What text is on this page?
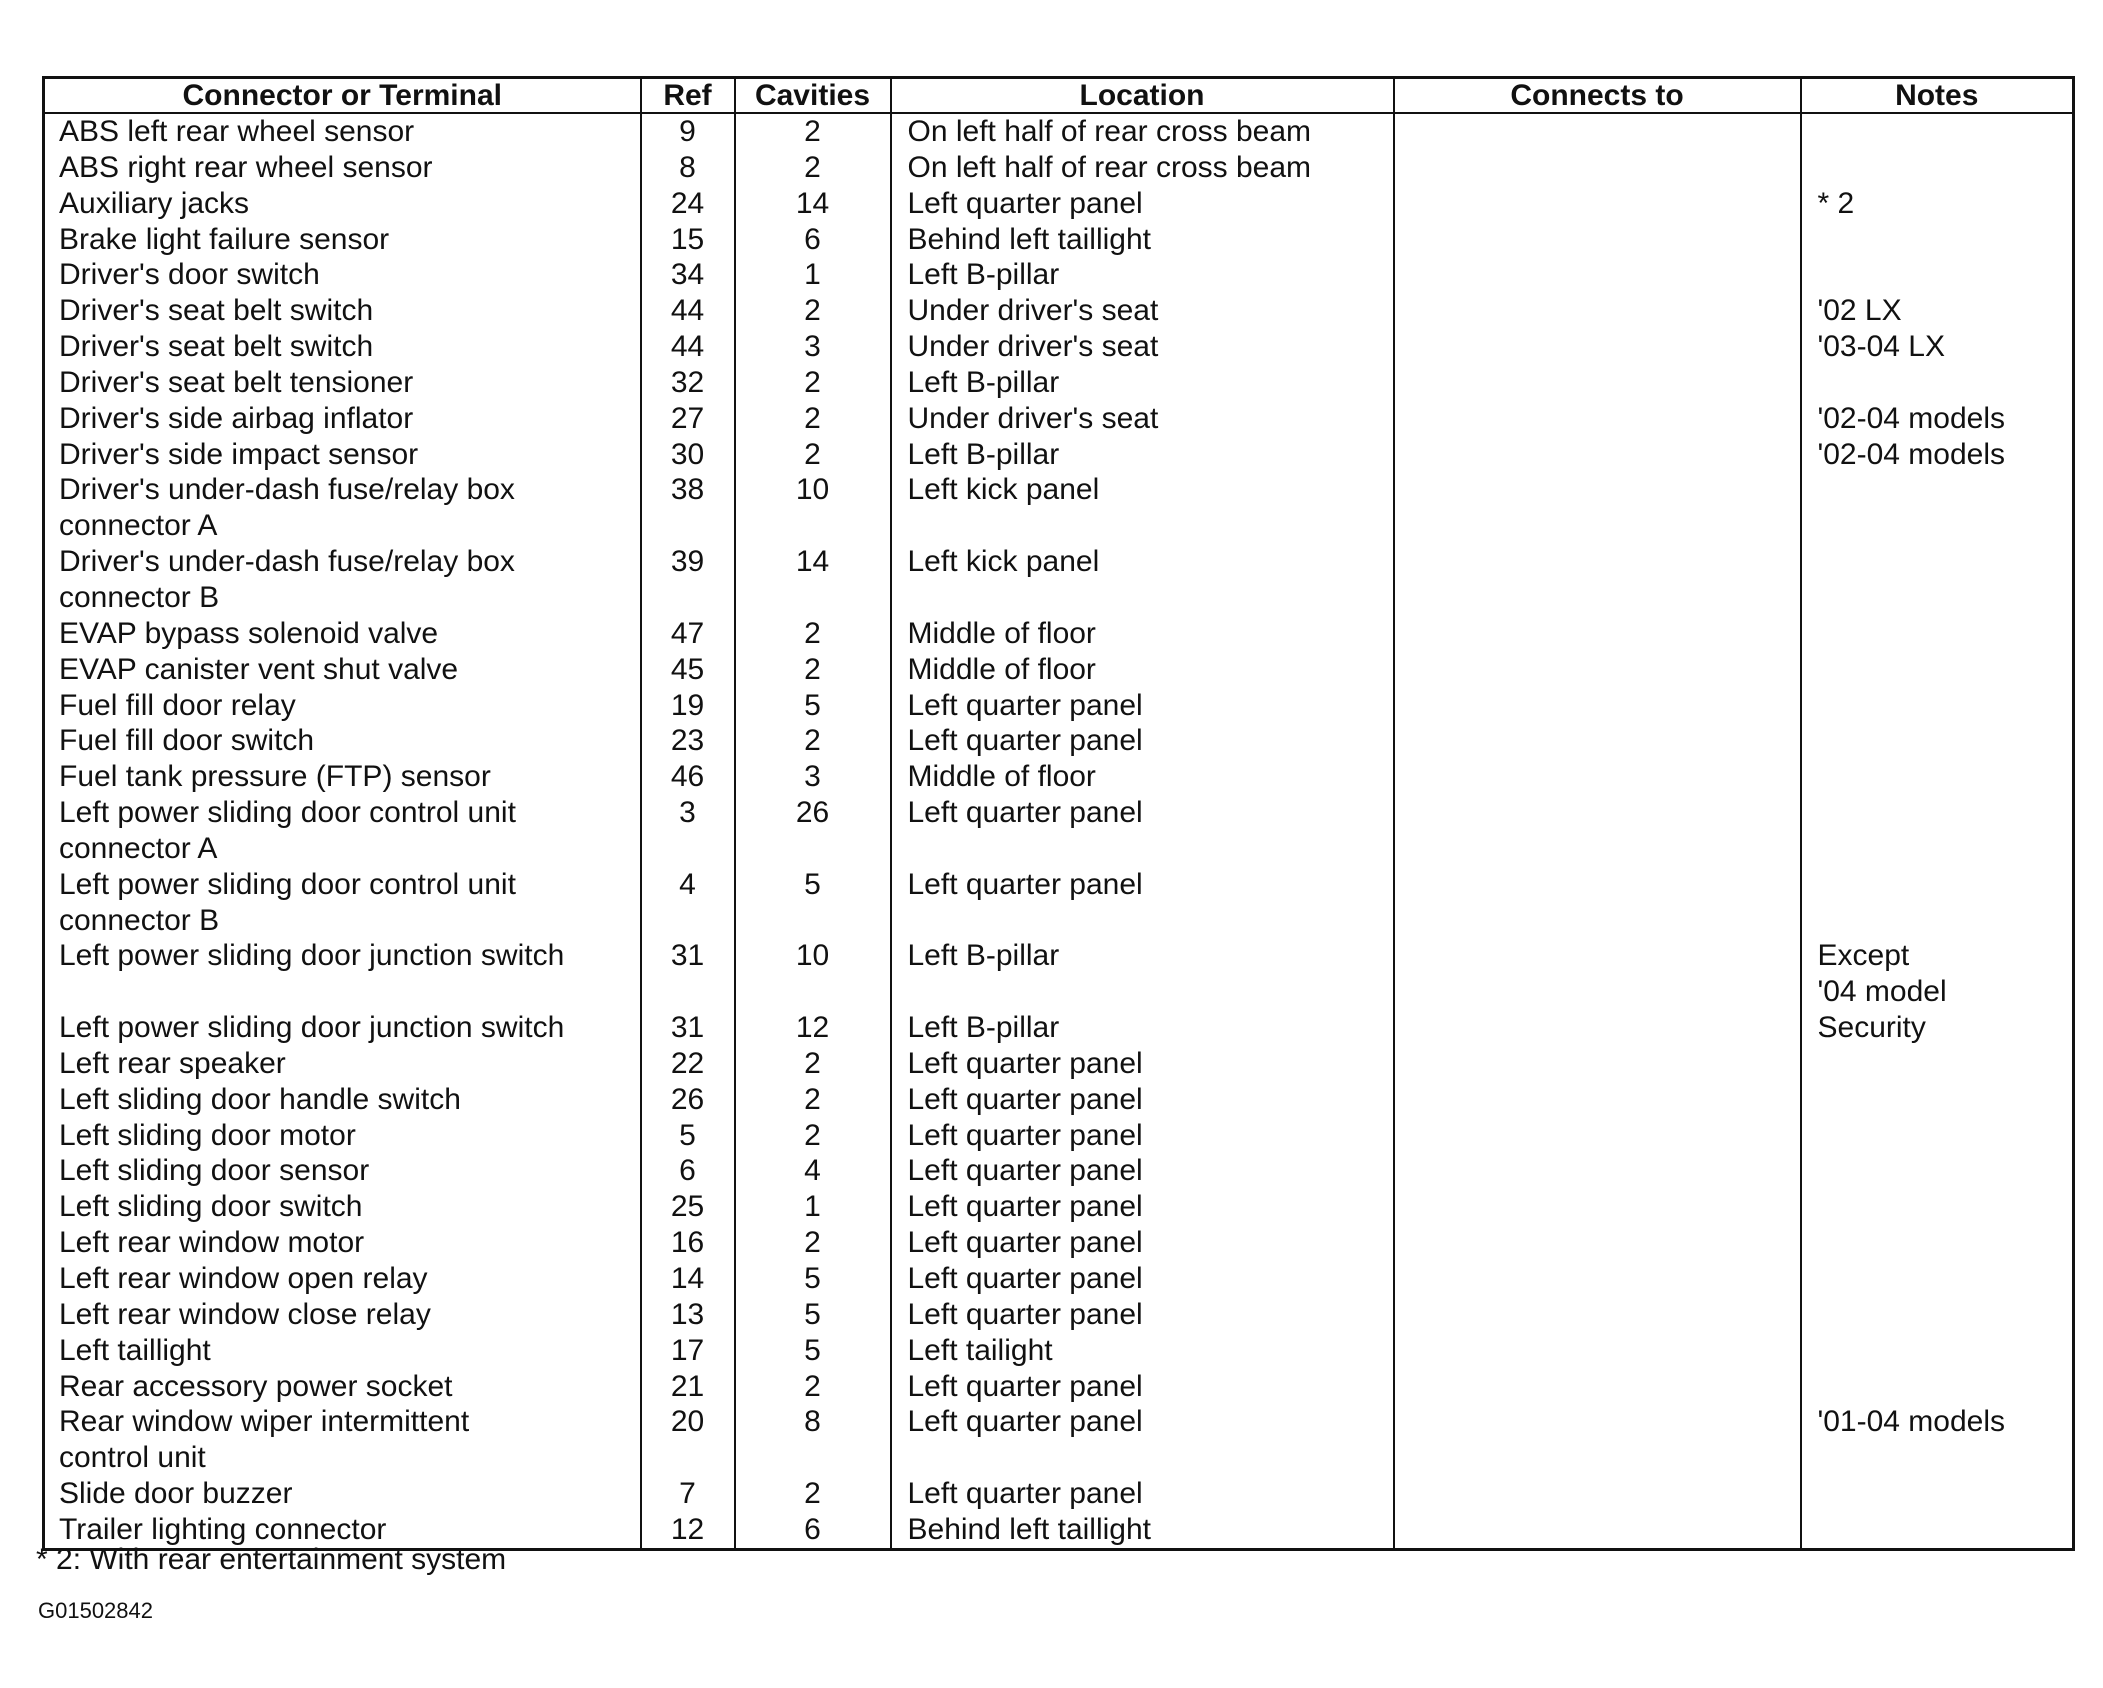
Connector or Terminal	Ref	Cavities	Location	Connects to	Notes
ABS left rear wheel sensor	9	2	On left half of rear cross beam		
ABS right rear wheel sensor	8	2	On left half of rear cross beam		
Auxiliary jacks	24	14	Left quarter panel		* 2
Brake light failure sensor	15	6	Behind left taillight		
Driver's door switch	34	1	Left B-pillar		
Driver's seat belt switch	44	2	Under driver's seat		'02 LX
Driver's seat belt switch	44	3	Under driver's seat		'03-04 LX
Driver's seat belt tensioner	32	2	Left B-pillar		
Driver's side airbag inflator	27	2	Under driver's seat		'02-04 models
Driver's side impact sensor	30	2	Left B-pillar		'02-04 models
Driver's under-dash fuse/relay box
connector A	38	10	Left kick panel		
Driver's under-dash fuse/relay box
connector B	39	14	Left kick panel		
EVAP bypass solenoid valve	47	2	Middle of floor		
EVAP canister vent shut valve	45	2	Middle of floor		
Fuel fill door relay	19	5	Left quarter panel		
Fuel fill door switch	23	2	Left quarter panel		
Fuel tank pressure (FTP) sensor	46	3	Middle of floor		
Left power sliding door control unit
connector A	3	26	Left quarter panel		
Left power sliding door control unit
connector B	4	5	Left quarter panel		
Left power sliding door junction switch	31	10	Left B-pillar		Except
'04 model
Left power sliding door junction switch	31	12	Left B-pillar		Security
Left rear speaker	22	2	Left quarter panel		
Left sliding door handle switch	26	2	Left quarter panel		
Left sliding door motor	5	2	Left quarter panel		
Left sliding door sensor	6	4	Left quarter panel		
Left sliding door switch	25	1	Left quarter panel		
Left rear window motor	16	2	Left quarter panel		
Left rear window open relay	14	5	Left quarter panel		
Left rear window close relay	13	5	Left quarter panel		
Left taillight	17	5	Left tailight		
Rear accessory power socket	21	2	Left quarter panel		
Rear window wiper intermittent
control unit	20	8	Left quarter panel		'01-04 models
Slide door buzzer	7	2	Left quarter panel		
Trailer lighting connector	12	6	Behind left taillight		
* 2: With rear entertainment system
G01502842
